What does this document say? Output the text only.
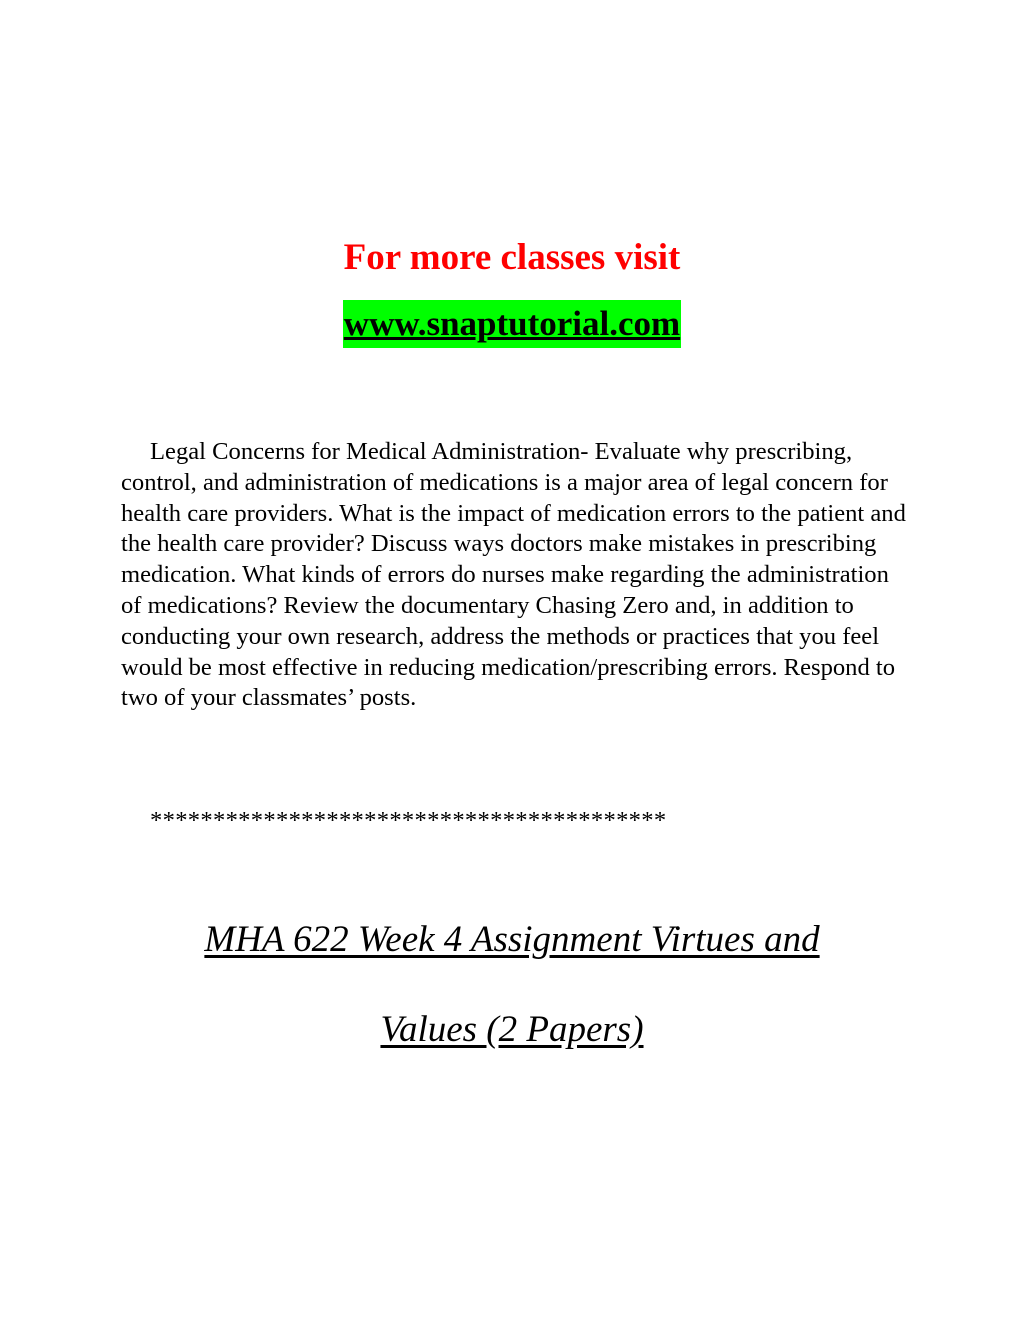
For more classes visit
www.snaptutorial.com

Legal Concerns for Medical Administration- Evaluate why prescribing, control, and administration of medications is a major area of legal concern for health care providers. What is the impact of medication errors to the patient and the health care provider? Discuss ways doctors make mistakes in prescribing medication. What kinds of errors do nurses make regarding the administration of medications? Review the documentary Chasing Zero and, in addition to conducting your own research, address the methods or practices that you feel would be most effective in reducing medication/prescribing errors. Respond to two of your classmates’ posts.

*****************************************
MHA 622 Week 4 Assignment Virtues and
Values (2 Papers)
